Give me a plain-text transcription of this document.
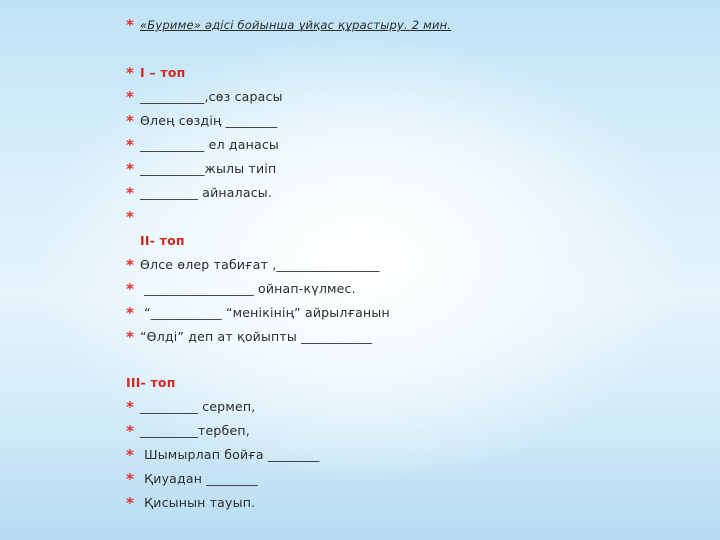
* «Буриме» әдісі бойынша ұйқас құрастыру. 2 мин.
* I – топ
* __________,сөз сарасы
* Өлең сөздің ________
* __________ ел данасы
* __________жылы тиіп
* _________ айналасы.
*
II- топ
* Өлсе өлер табиғат ,________________
* _________________ ойнап-күлмес.
* “___________ “менікінің” айрылғанын
* “Өлді” деп ат қойыпты ___________
III- топ
* _________ сермеп,
* _________тербеп,
* Шымырлап бойға ________
* Қиуадан ________
* Қисынын тауып.
